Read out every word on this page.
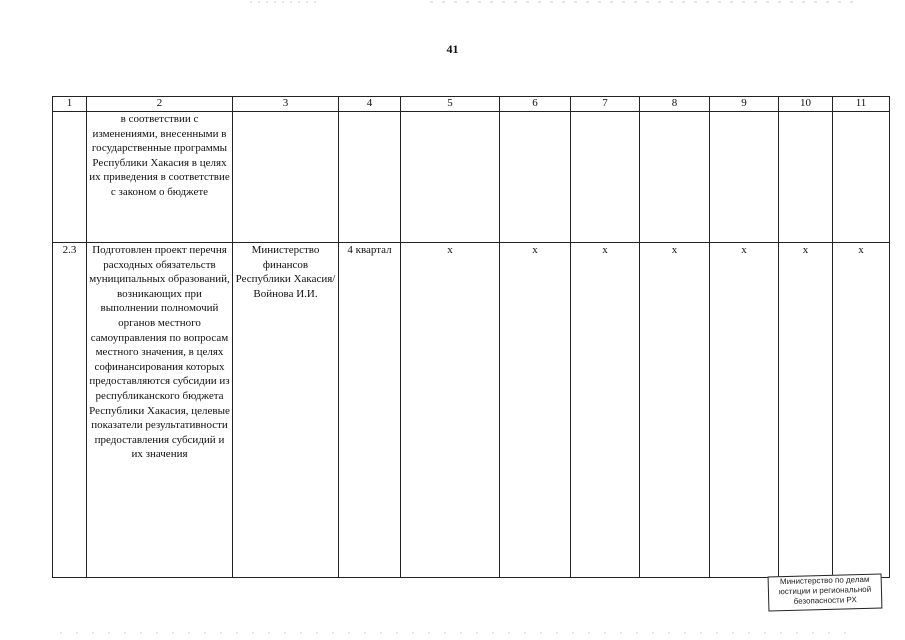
41
1	2	3	4	5	6	7	8	9	10	11
	в соответствии с изменениями, внесенными в государственные программы Республики Хакасия в целях их приведения в соответствие с законом о бюджете									
2.3	Подготовлен проект перечня расходных обязательств муниципальных образований, возникающих при выполнении полномочий органов местного самоуправления по вопросам местного значения, в целях софинансирования которых предоставляются субсидии из республиканского бюджета Республики Хакасия, целевые показатели результативности предоставления субсидий и их значения	Министерство финансов Республики Хакасия/ Войнова И.И.	4 квартал	х	х	х	х	х	х	х
Министерство по делам
юстиции и региональной
безопасности РХ
